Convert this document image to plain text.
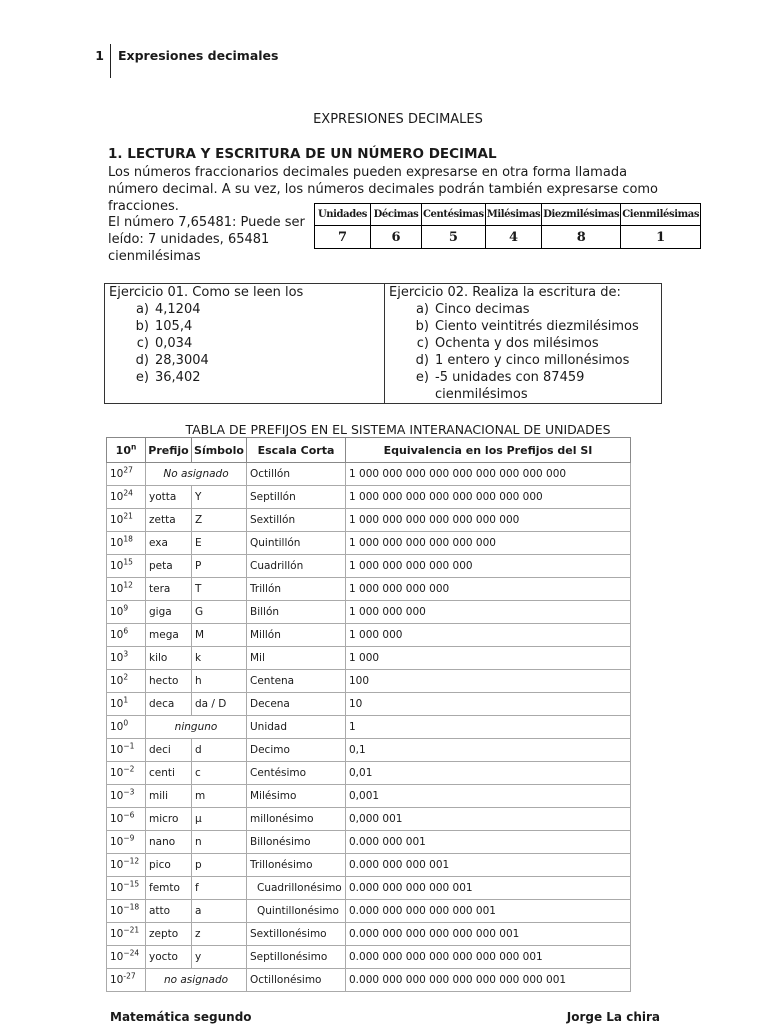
1	Expresiones decimales
EXPRESIONES DECIMALES
1. LECTURA Y ESCRITURA DE UN NÚMERO DECIMAL
Los números fraccionarios decimales pueden expresarse en otra forma llamada número decimal. A su vez, los números decimales podrán también expresarse como fracciones.
El número 7,65481: Puede ser leído: 7 unidades, 65481 cienmilésimas
Unidades	Décimas	Centésimas	Milésimas	Diezmilésimas	Cienmilésimas
7	6	5	4	8	1
Ejercicio 01. Como se leen los
a) 4,1204
b) 105,4
c) 0,034
d) 28,3004
e) 36,402
Ejercicio 02. Realiza la escritura de:
a) Cinco decimas
b) Ciento veintitrés diezmilésimos
c) Ochenta y dos milésimos
d) 1 entero y cinco millonésimos
e) -5 unidades con 87459 cienmilésimos
TABLA DE PREFIJOS EN EL SISTEMA INTERANACIONAL DE UNIDADES
10$^n$	Prefijo	Símbolo	Escala Corta	Equivalencia en los Prefijos del SI	
$10^{27}$	No asignado		Octillón	1 000 000 000 000 000 000 000 000 000	
$10^{24}$	yotta	Y	Septillón	1 000 000 000 000 000 000 000 000	
$10^{21}$	zetta	Z	Sextillón	1 000 000 000 000 000 000 000	
$10^{18}$	exa	E	Quintillón	1 000 000 000 000 000 000	
$10^{15}$	peta	P	Cuadrillón	1 000 000 000 000 000	
$10^{12}$	tera	T	Trillón	1 000 000 000 000	
$10^9$	giga	G	Billón	1 000 000 000	
$10^6$	mega	M	Millón	1 000 000	
$10^3$	kilo	k	Mil	1 000	
$10^2$	hecto	h	Centena	100	
$10^1$	deca	da / D	Decena	10	
$10^0$	ninguno		Unidad	1	
$10^{-1}$	deci	d	Decimo	0,1	
$10^{-2}$	centi	c	Centésimo	0,01	
$10^{-3}$	mili	m	Milésimo	0,001	
$10^{-6}$	micro	µ	millonésimo	0,000 001	
$10^{-9}$	nano	n	Billonésimo	0.000 000 001	
$10^{-12}$	pico	p	Trillonésimo	0.000 000 000 001	
$10^{-15}$	femto	f	Cuadrillonésimo	0.000 000 000 000 001	
$10^{-18}$	atto	a	Quintillonésimo	0.000 000 000 000 000 001	
$10^{-21}$	zepto	z	Sextillonésimo	0.000 000 000 000 000 000 001	
$10^{-24}$	yocto	y	Septillonésimo	0.000 000 000 000 000 000 000 001	
$10^{-27}$	no asignado		Octillonésimo	0.000 000 000 000 000 000 000 000 001	
Matemática segundo	Jorge La chira
